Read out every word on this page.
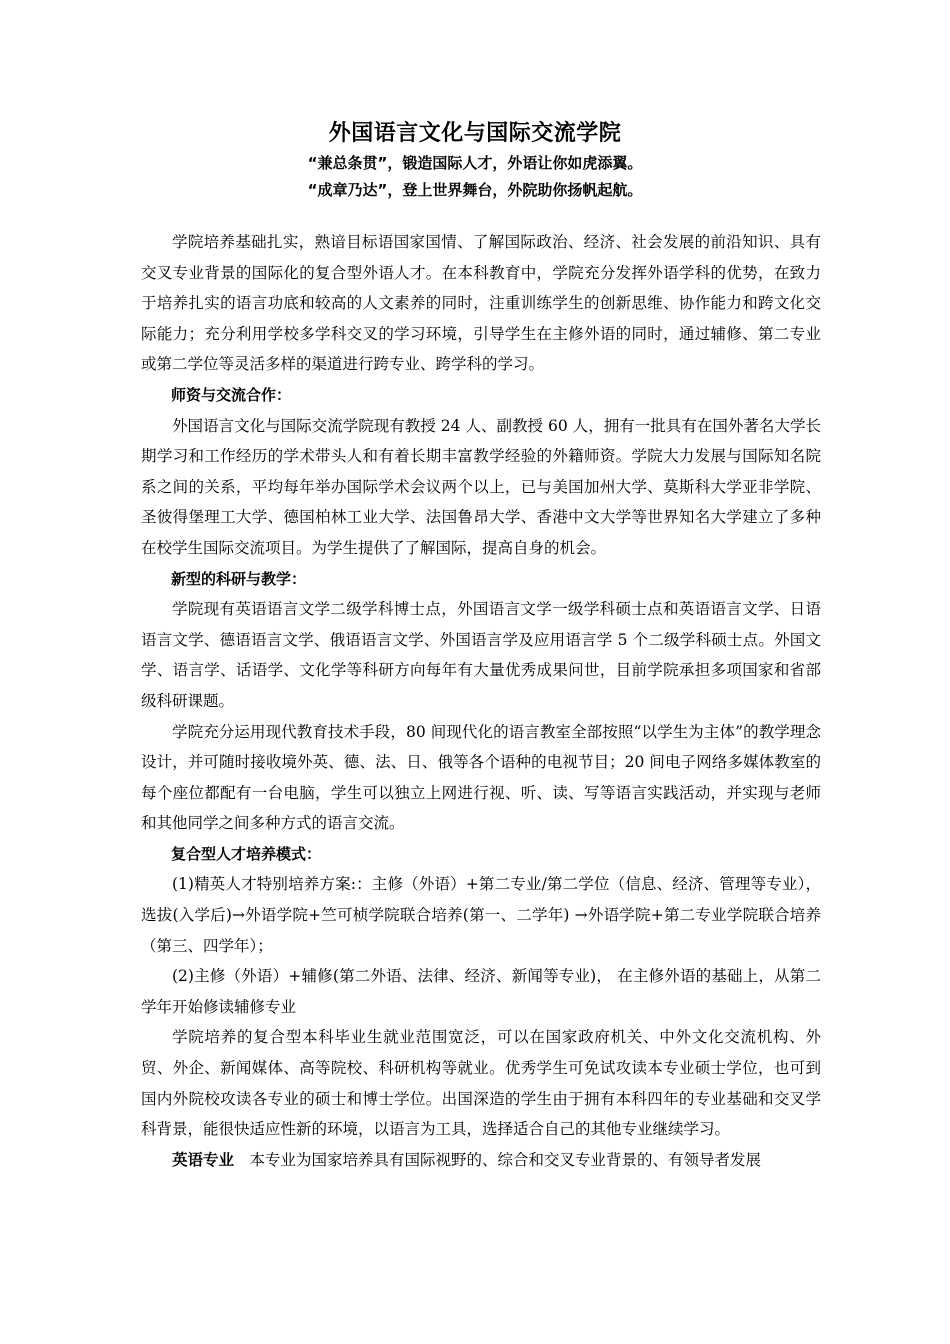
外国语言文化与国际交流学院
“兼总条贯”，锻造国际人才，外语让你如虎添翼。
“成章乃达”，登上世界舞台，外院助你扬帆起航。

学院培养基础扎实，熟谙目标语国家国情、了解国际政治、经济、社会发展的前沿知识、具有交叉专业背景的国际化的复合型外语人才。在本科教育中，学院充分发挥外语学科的优势，在致力于培养扎实的语言功底和较高的人文素养的同时，注重训练学生的创新思维、协作能力和跨文化交际能力；充分利用学校多学科交叉的学习环境，引导学生在主修外语的同时，通过辅修、第二专业或第二学位等灵活多样的渠道进行跨专业、跨学科的学习。

师资与交流合作：

外国语言文化与国际交流学院现有教授 24 人、副教授 60 人，拥有一批具有在国外著名大学长期学习和工作经历的学术带头人和有着长期丰富教学经验的外籍师资。学院大力发展与国际知名院系之间的关系，平均每年举办国际学术会议两个以上，已与美国加州大学、莫斯科大学亚非学院、圣彼得堡理工大学、德国柏林工业大学、法国鲁昂大学、香港中文大学等世界知名大学建立了多种在校学生国际交流项目。为学生提供了了解国际，提高自身的机会。

新型的科研与教学：

学院现有英语语言文学二级学科博士点，外国语言文学一级学科硕士点和英语语言文学、日语语言文学、德语语言文学、俄语语言文学、外国语言学及应用语言学 5 个二级学科硕士点。外国文学、语言学、话语学、文化学等科研方向每年有大量优秀成果问世，目前学院承担多项国家和省部级科研课题。

学院充分运用现代教育技术手段，80 间现代化的语言教室全部按照“以学生为主体”的教学理念设计，并可随时接收境外英、德、法、日、俄等各个语种的电视节目；20 间电子网络多媒体教室的每个座位都配有一台电脑，学生可以独立上网进行视、听、读、写等语言实践活动，并实现与老师和其他同学之间多种方式的语言交流。

复合型人才培养模式：

(1)精英人才特别培养方案:：主修（外语）+第二专业/第二学位（信息、经济、管理等专业），选拔(入学后)→外语学院+竺可桢学院联合培养(第一、二学年) →外语学院+第二专业学院联合培养（第三、四学年）；

(2)主修（外语）+辅修(第二外语、法律、经济、新闻等专业)， 在主修外语的基础上，从第二学年开始修读辅修专业

学院培养的复合型本科毕业生就业范围宽泛，可以在国家政府机关、中外文化交流机构、外贸、外企、新闻媒体、高等院校、科研机构等就业。优秀学生可免试攻读本专业硕士学位，也可到国内外院校攻读各专业的硕士和博士学位。出国深造的学生由于拥有本科四年的专业基础和交叉学科背景，能很快适应性新的环境，以语言为工具，选择适合自己的其他专业继续学习。

英语专业 本专业为国家培养具有国际视野的、综合和交叉专业背景的、有领导者发展
